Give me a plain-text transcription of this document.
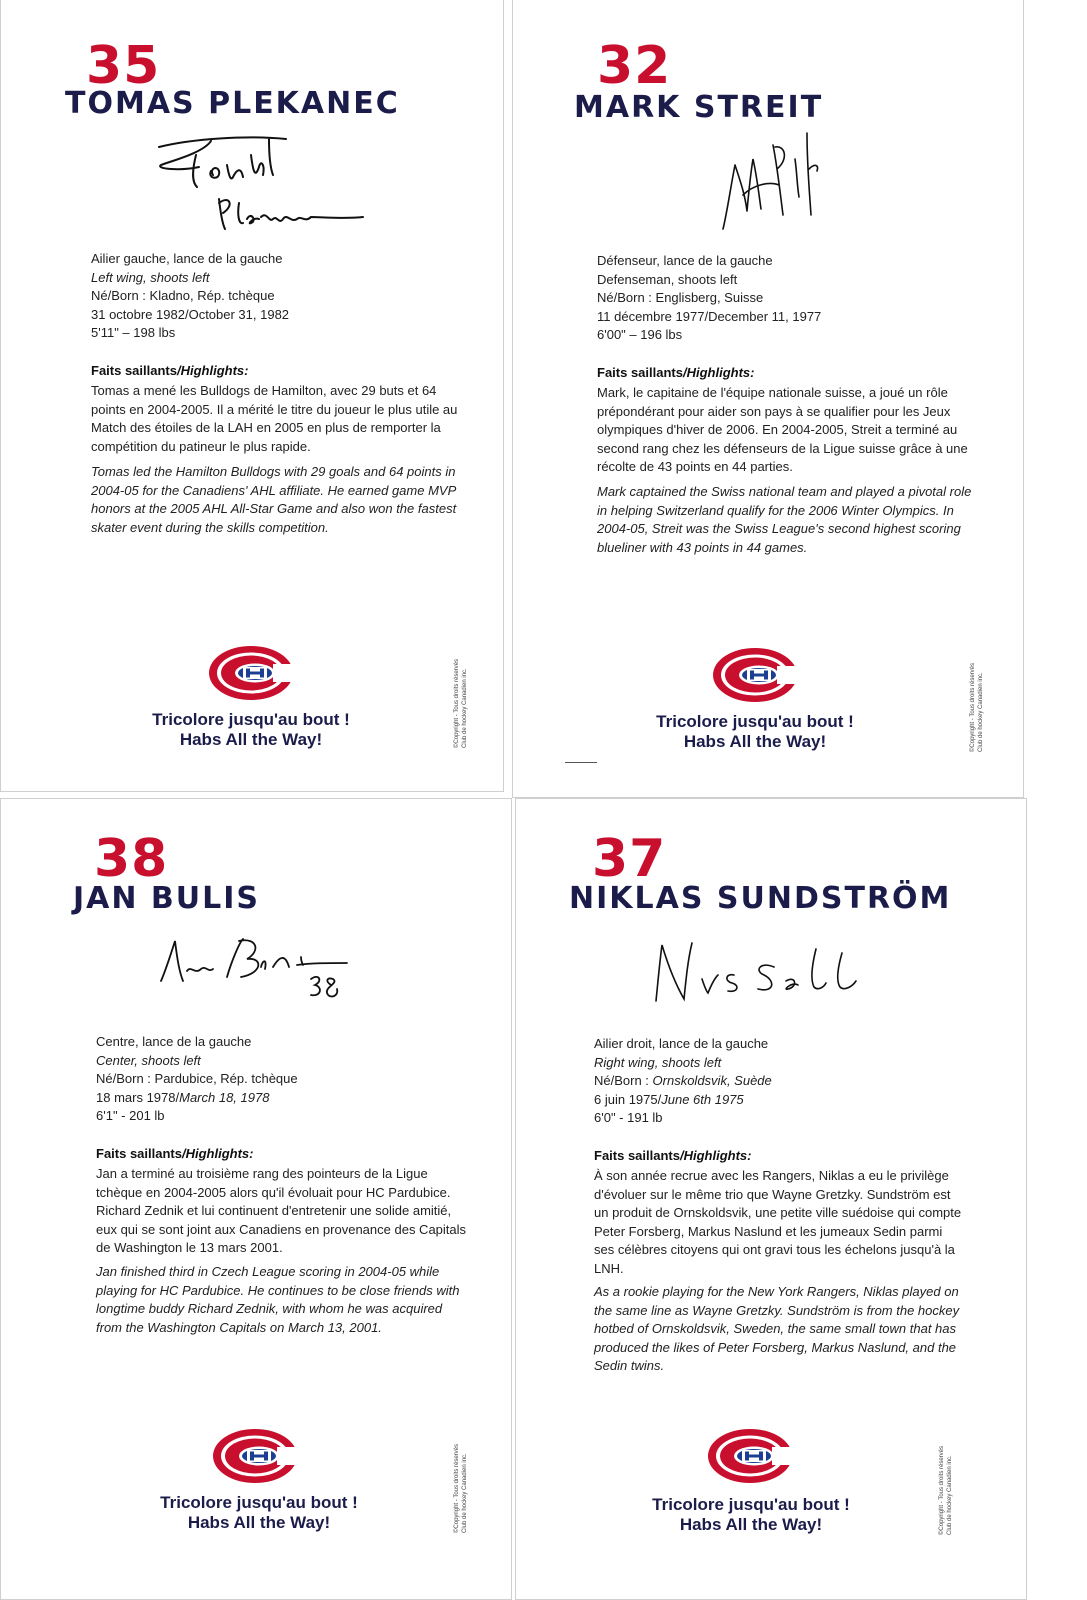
35
TOMAS PLEKANEC

Ailier gauche, lance de la gauche
Left wing, shoots left
Né/Born : Kladno, Rép. tchèque
31 octobre 1982/October 31, 1982
5'11" – 198 lbs

Faits saillants/Highlights:

Tomas a mené les Bulldogs de Hamilton, avec 29 buts et 64 points en 2004-2005. Il a mérité le titre du joueur le plus utile au Match des étoiles de la LAH en 2005 en plus de remporter la compétition du patineur le plus rapide.

Tomas led the Hamilton Bulldogs with 29 goals and 64 points in 2004-05 for the Canadiens' AHL affiliate. He earned game MVP honors at the 2005 AHL All-Star Game and also won the fastest skater event during the skills competition.

Tricolore jusqu'au bout !
Habs All the Way!	©Copyright - Tous droits réservés Club de hockey Canadien inc.

32
MARK STREIT

Défenseur, lance de la gauche
Defenseman, shoots left
Né/Born : Englisberg, Suisse
11 décembre 1977/December 11, 1977
6'00" – 196 lbs

Faits saillants/Highlights:

Mark, le capitaine de l'équipe nationale suisse, a joué un rôle prépondérant pour aider son pays à se qualifier pour les Jeux olympiques d'hiver de 2006. En 2004-2005, Streit a terminé au second rang chez les défenseurs de la Ligue suisse grâce à une récolte de 43 points en 44 parties.

Mark captained the Swiss national team and played a pivotal role in helping Switzerland qualify for the 2006 Winter Olympics. In 2004-05, Streit was the Swiss League's second highest scoring blueliner with 43 points in 44 games.

Tricolore jusqu'au bout !
Habs All the Way!	©Copyright - Tous droits réservés Club de hockey Canadien inc.

38
JAN BULIS

Centre, lance de la gauche
Center, shoots left
Né/Born : Pardubice, Rép. tchèque
18 mars 1978/March 18, 1978
6'1" - 201 lb

Faits saillants/Highlights:

Jan a terminé au troisième rang des pointeurs de la Ligue tchèque en 2004-2005 alors qu'il évoluait pour HC Pardubice. Richard Zednik et lui continuent d'entretenir une solide amitié, eux qui se sont joint aux Canadiens en provenance des Capitals de Washington le 13 mars 2001.

Jan finished third in Czech League scoring in 2004-05 while playing for HC Pardubice. He continues to be close friends with longtime buddy Richard Zednik, with whom he was acquired from the Washington Capitals on March 13, 2001.

Tricolore jusqu'au bout !
Habs All the Way!	©Copyright - Tous droits réservés Club de hockey Canadien inc.

37
NIKLAS SUNDSTRÖM

Ailier droit, lance de la gauche
Right wing, shoots left
Né/Born : Ornskoldsvik, Suède
6 juin 1975/June 6th 1975
6'0" - 191 lb

Faits saillants/Highlights:

À son année recrue avec les Rangers, Niklas a eu le privilège d'évoluer sur le même trio que Wayne Gretzky. Sundström est un produit de Ornskoldsvik, une petite ville suédoise qui compte Peter Forsberg, Markus Naslund et les jumeaux Sedin parmi ses célèbres citoyens qui ont gravi tous les échelons jusqu'à la LNH.

As a rookie playing for the New York Rangers, Niklas played on the same line as Wayne Gretzky. Sundström is from the hockey hotbed of Ornskoldsvik, Sweden, the same small town that has produced the likes of Peter Forsberg, Markus Naslund, and the Sedin twins.

Tricolore jusqu'au bout !
Habs All the Way!	©Copyright - Tous droits réservés Club de hockey Canadien inc.
